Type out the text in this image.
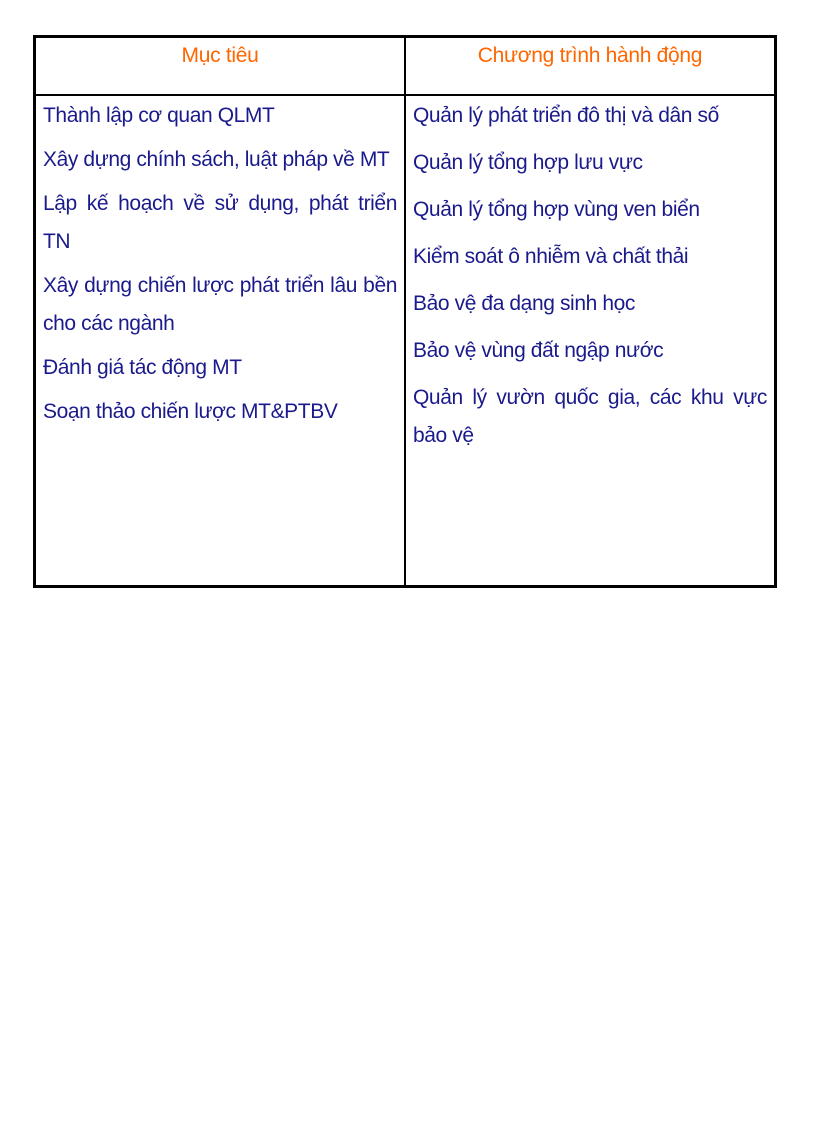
Mục tiêu	Chương trình hành động
Thành lập cơ quan QLMT
Xây dựng chính sách, luật pháp về MT
Lập kế hoạch về sử dụng, phát triển TN
Xây dựng chiến lược phát triển lâu bền cho các ngành
Đánh giá tác động MT
Soạn thảo chiến lược MT&PTBV
Quản lý phát triển đô thị và dân số
Quản lý tổng hợp lưu vực
Quản lý tổng hợp vùng ven biển
Kiểm soát ô nhiễm và chất thải
Bảo vệ đa dạng sinh học
Bảo vệ vùng đất ngập nước
Quản lý vườn quốc gia, các khu vực bảo vệ
